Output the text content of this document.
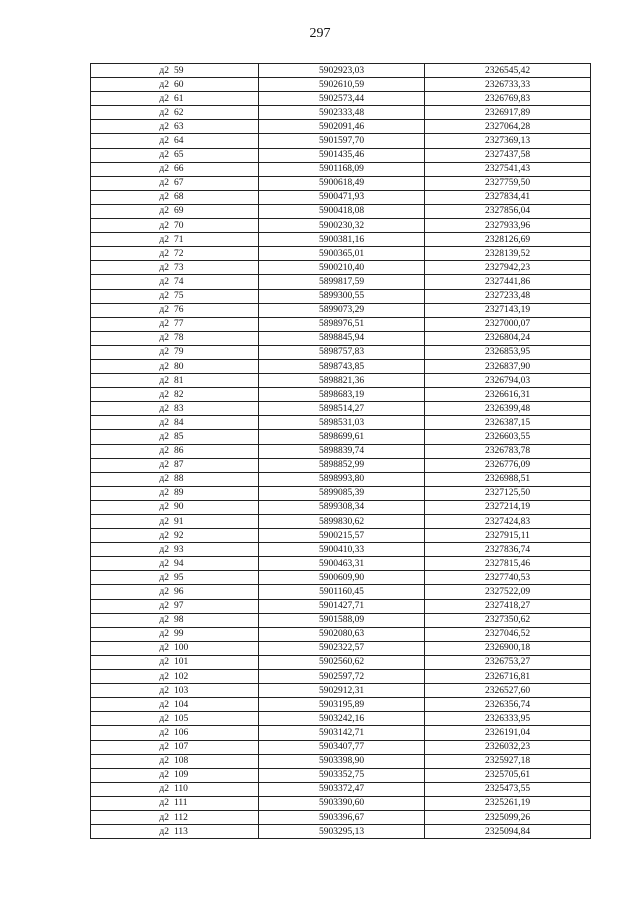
297
д2 59	5902923,03	2326545,42
д2 60	5902610,59	2326733,33
д2 61	5902573,44	2326769,83
д2 62	5902333,48	2326917,89
д2 63	5902091,46	2327064,28
д2 64	5901597,70	2327369,13
д2 65	5901435,46	2327437,58
д2 66	5901168,09	2327541,43
д2 67	5900618,49	2327759,50
д2 68	5900471,93	2327834,41
д2 69	5900418,08	2327856,04
д2 70	5900230,32	2327933,96
д2 71	5900381,16	2328126,69
д2 72	5900365,01	2328139,52
д2 73	5900210,40	2327942,23
д2 74	5899817,59	2327441,86
д2 75	5899300,55	2327233,48
д2 76	5899073,29	2327143,19
д2 77	5898976,51	2327000,07
д2 78	5898845,94	2326804,24
д2 79	5898757,83	2326853,95
д2 80	5898743,85	2326837,90
д2 81	5898821,36	2326794,03
д2 82	5898683,19	2326616,31
д2 83	5898514,27	2326399,48
д2 84	5898531,03	2326387,15
д2 85	5898699,61	2326603,55
д2 86	5898839,74	2326783,78
д2 87	5898852,99	2326776,09
д2 88	5898993,80	2326988,51
д2 89	5899085,39	2327125,50
д2 90	5899308,34	2327214,19
д2 91	5899830,62	2327424,83
д2 92	5900215,57	2327915,11
д2 93	5900410,33	2327836,74
д2 94	5900463,31	2327815,46
д2 95	5900609,90	2327740,53
д2 96	5901160,45	2327522,09
д2 97	5901427,71	2327418,27
д2 98	5901588,09	2327350,62
д2 99	5902080,63	2327046,52
д2 100	5902322,57	2326900,18
д2 101	5902560,62	2326753,27
д2 102	5902597,72	2326716,81
д2 103	5902912,31	2326527,60
д2 104	5903195,89	2326356,74
д2 105	5903242,16	2326333,95
д2 106	5903142,71	2326191,04
д2 107	5903407,77	2326032,23
д2 108	5903398,90	2325927,18
д2 109	5903352,75	2325705,61
д2 110	5903372,47	2325473,55
д2 111	5903390,60	2325261,19
д2 112	5903396,67	2325099,26
д2 113	5903295,13	2325094,84
